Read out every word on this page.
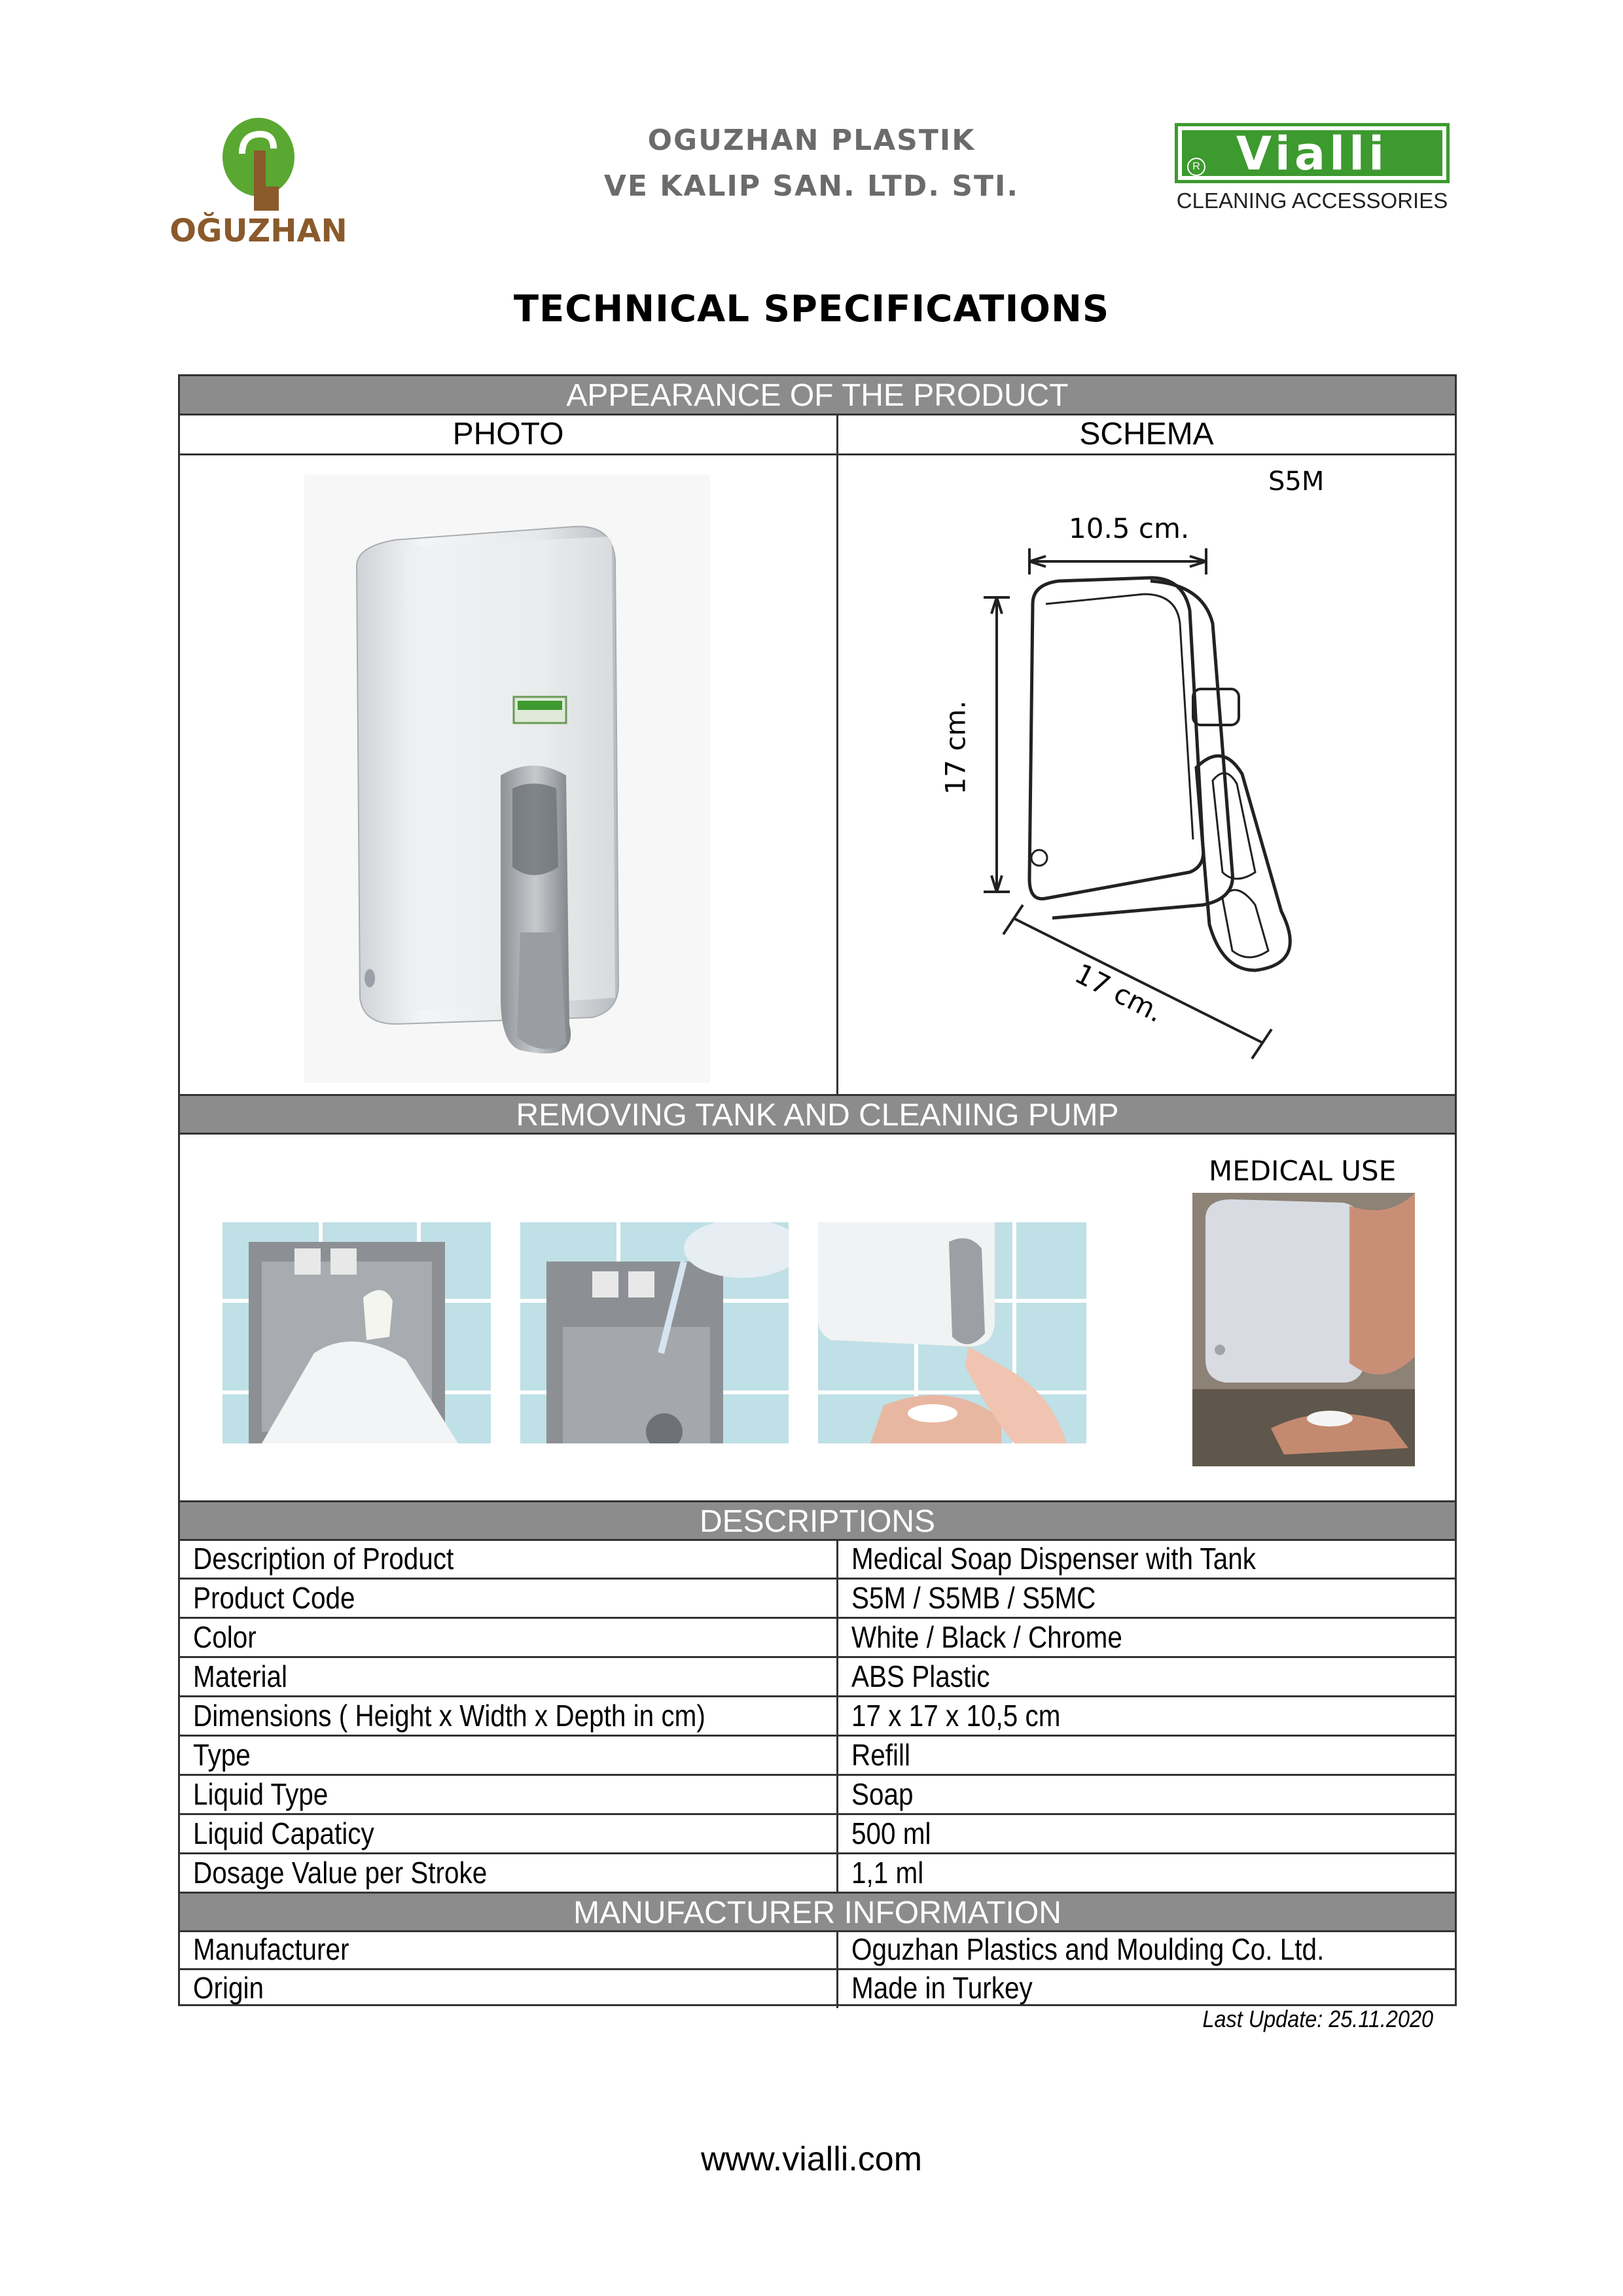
OĞUZHAN
OGUZHAN PLASTIK
VE KALIP SAN. LTD. STI.
Vialli
R
CLEANING ACCESSORIES
TECHNICAL SPECIFICATIONS
APPEARANCE OF THE PRODUCT
PHOTO	SCHEMA
S5M
10.5 cm.
17 cm.
17 cm.
REMOVING TANK AND CLEANING PUMP
MEDICAL USE
DESCRIPTIONS
Description of Product	Medical Soap Dispenser with Tank
Product Code	S5M / S5MB / S5MC
Color	White / Black / Chrome
Material	ABS Plastic
Dimensions ( Height x Width x Depth in cm)	17 x 17 x 10,5 cm
Type	Refill
Liquid Type	Soap
Liquid Capaticy	500 ml
Dosage Value per Stroke	1,1 ml
MANUFACTURER INFORMATION
Manufacturer	Oguzhan Plastics and Moulding Co. Ltd.
Origin	Made in Turkey
Last Update: 25.11.2020
www.vialli.com
